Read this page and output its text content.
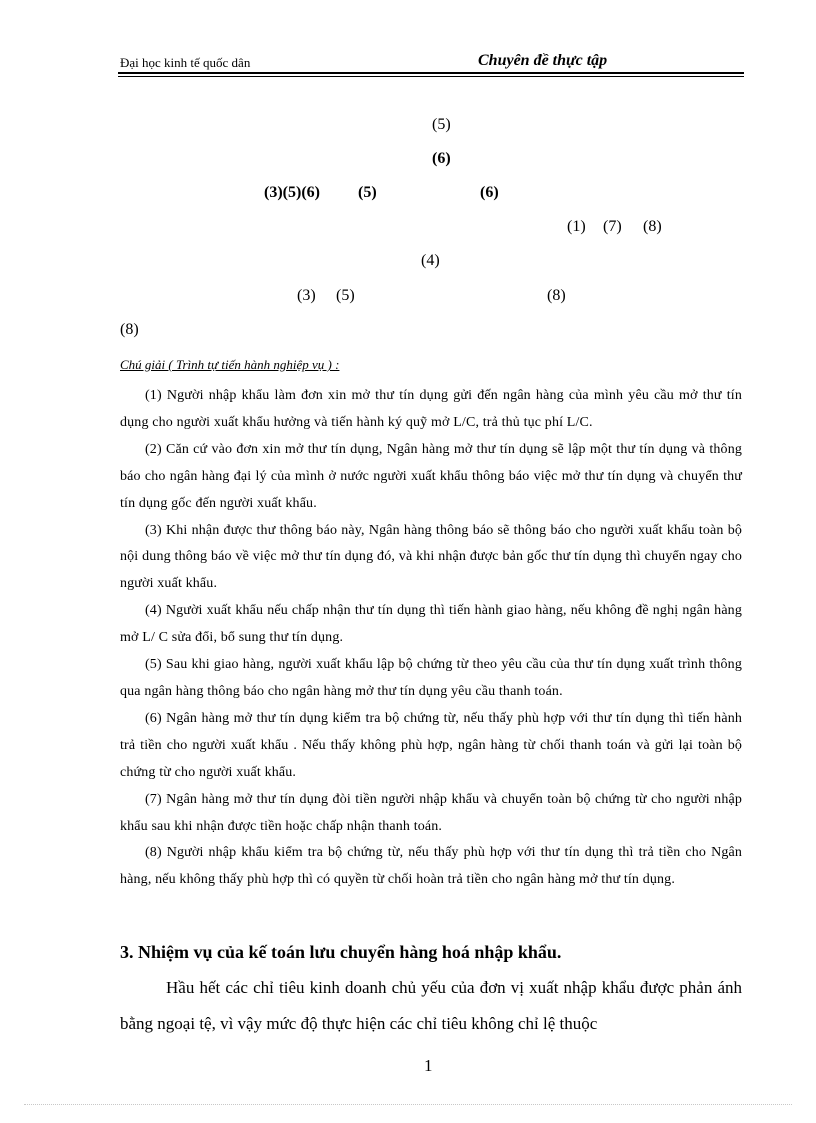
Đại học kinh tế quốc dân	Chuyên đề thực tập
(5)
(6)
(3)(5)(6) (5)	(6)
(1) (7) (8)
(4)
(3) (5)	(8)
(8)
Chú giải ( Trình tự tiến hành nghiệp vụ ) :

(1) Người nhập khẩu làm đơn xin mở thư tín dụng gửi đến ngân hàng của mình yêu cầu mở thư tín dụng cho người xuất khẩu hưởng và tiến hành ký quỹ mở L/C, trả thủ tục phí L/C.

(2) Căn cứ vào đơn xin mở thư tín dụng, Ngân hàng mở thư tín dụng sẽ lập một thư tín dụng và thông báo cho ngân hàng đại lý của mình ở nước người xuất khẩu thông báo việc mở thư tín dụng và chuyển thư tín dụng gốc đến người xuất khẩu.

(3) Khi nhận được thư thông báo này, Ngân hàng thông báo sẽ thông báo cho người xuất khẩu toàn bộ nội dung thông báo về việc mở thư tín dụng đó, và khi nhận được bản gốc thư tín dụng thì chuyển ngay cho người xuất khẩu.

(4) Người xuất khẩu nếu chấp nhận thư tín dụng thì tiến hành giao hàng, nếu không đề nghị ngân hàng mở L/ C sửa đổi, bổ sung thư tín dụng.

(5) Sau khi giao hàng, người xuất khẩu lập bộ chứng từ theo yêu cầu của thư tín dụng xuất trình thông qua ngân hàng thông báo cho ngân hàng mở thư tín dụng yêu cầu thanh toán.

(6) Ngân hàng mở thư tín dụng kiểm tra bộ chứng từ, nếu thấy phù hợp với thư tín dụng thì tiến hành trả tiền cho người xuất khẩu . Nếu thấy không phù hợp, ngân hàng từ chối thanh toán và gửi lại toàn bộ chứng từ cho người xuất khẩu.

(7) Ngân hàng mở thư tín dụng đòi tiền người nhập khẩu và chuyển toàn bộ chứng từ cho người nhập khẩu sau khi nhận được tiền hoặc chấp nhận thanh toán.

(8) Người nhập khẩu kiểm tra bộ chứng từ, nếu thấy phù hợp với thư tín dụng thì trả tiền cho Ngân hàng, nếu không thấy phù hợp thì có quyền từ chối hoàn trả tiền cho ngân hàng mở thư tín dụng.

3. Nhiệm vụ của kế toán lưu chuyển hàng hoá nhập khẩu.

Hầu hết các chỉ tiêu kinh doanh chủ yếu của đơn vị xuất nhập khẩu được phản ánh bằng ngoại tệ, vì vậy mức độ thực hiện các chỉ tiêu không chỉ lệ thuộc

1
